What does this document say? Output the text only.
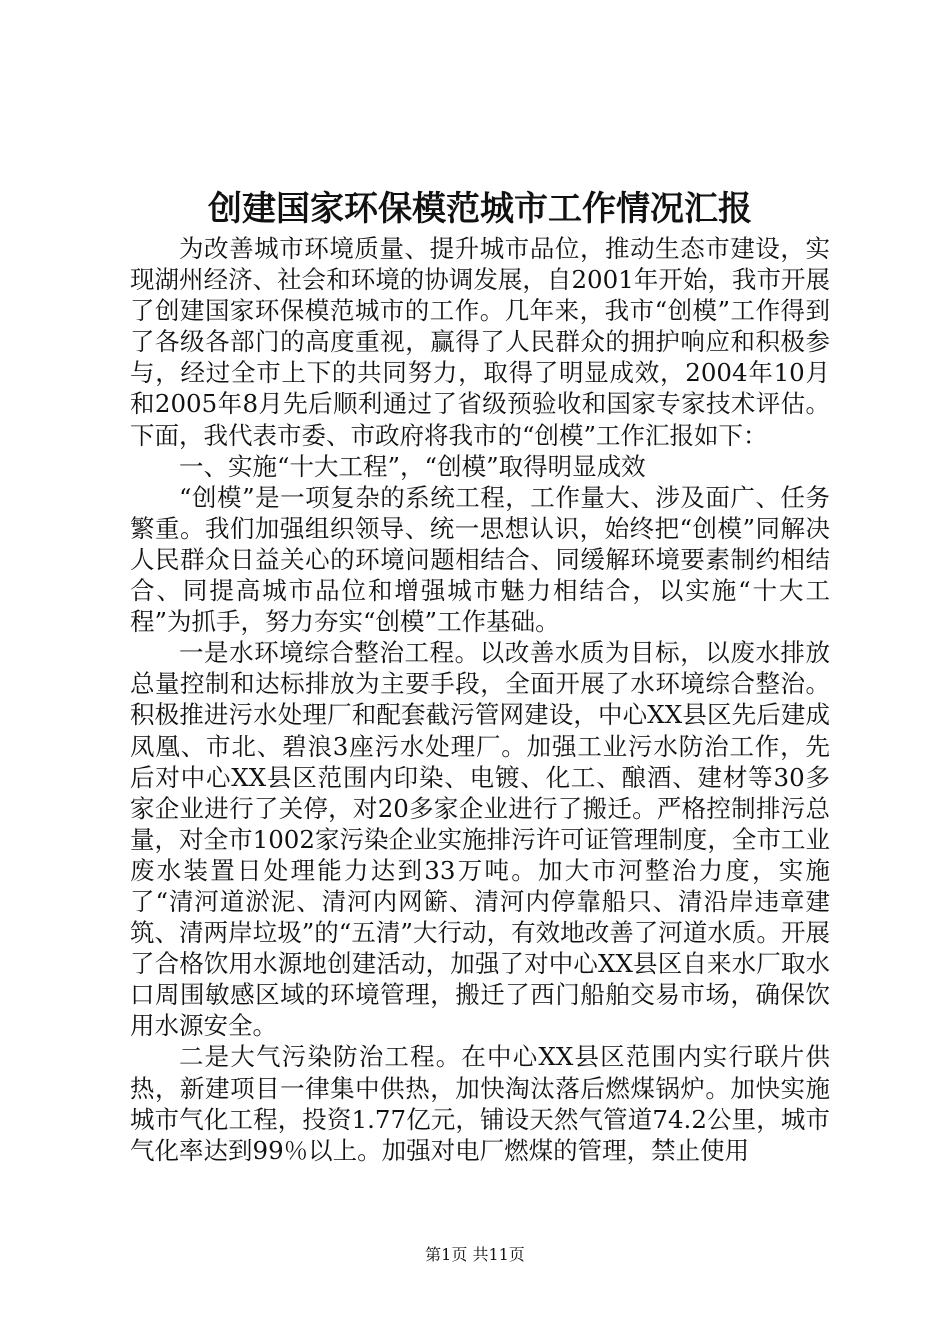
创建国家环保模范城市工作情况汇报

为改善城市环境质量、提升城市品位，推动生态市建设，实现湖州经济、社会和环境的协调发展，自2001年开始，我市开展了创建国家环保模范城市的工作。几年来，我市“创模”工作得到了各级各部门的高度重视，赢得了人民群众的拥护响应和积极参与，经过全市上下的共同努力，取得了明显成效，2004年10月和2005年8月先后顺利通过了省级预验收和国家专家技术评估。下面，我代表市委、市政府将我市的“创模”工作汇报如下：

一、实施“十大工程”，“创模”取得明显成效

“创模”是一项复杂的系统工程，工作量大、涉及面广、任务繁重。我们加强组织领导、统一思想认识，始终把“创模”同解决人民群众日益关心的环境问题相结合、同缓解环境要素制约相结合、同提高城市品位和增强城市魅力相结合，以实施“十大工程”为抓手，努力夯实“创模”工作基础。

一是水环境综合整治工程。以改善水质为目标，以废水排放总量控制和达标排放为主要手段，全面开展了水环境综合整治。积极推进污水处理厂和配套截污管网建设，中心XX县区先后建成凤凰、市北、碧浪3座污水处理厂。加强工业污水防治工作，先后对中心XX县区范围内印染、电镀、化工、酿酒、建材等30多家企业进行了关停，对20多家企业进行了搬迁。严格控制排污总量，对全市1002家污染企业实施排污许可证管理制度，全市工业废水装置日处理能力达到33万吨。加大市河整治力度，实施了“清河道淤泥、清河内网簖、清河内停靠船只、清沿岸违章建筑、清两岸垃圾”的“五清”大行动，有效地改善了河道水质。开展了合格饮用水源地创建活动，加强了对中心XX县区自来水厂取水口周围敏感区域的环境管理，搬迁了西门船舶交易市场，确保饮用水源安全。

二是大气污染防治工程。在中心XX县区范围内实行联片供热，新建项目一律集中供热，加快淘汰落后燃煤锅炉。加快实施城市气化工程，投资1.77亿元，铺设天然气管道74.2公里，城市气化率达到99％以上。加强对电厂燃煤的管理，禁止使用

第1页 共11页
